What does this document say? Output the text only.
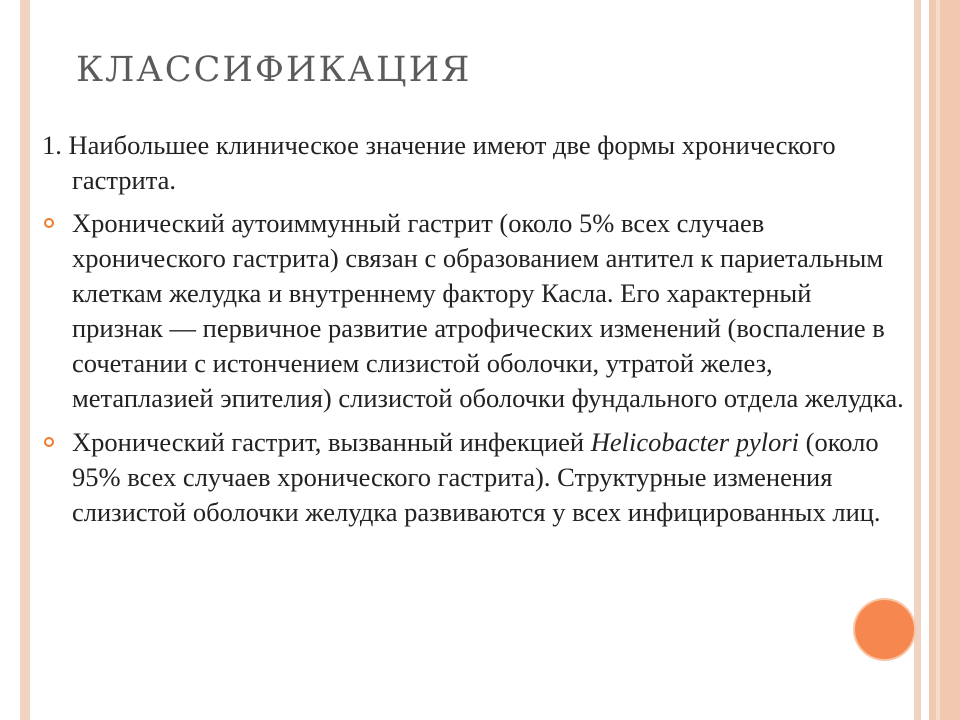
КЛАССИФИКАЦИЯ

1. Наибольшее клиническое значение имеют две формы хронического гастрита.

Хронический аутоиммунный гастрит (около 5% всех случаев хронического гастрита) связан с образованием антител к париетальным клеткам желудка и внутреннему фактору Касла. Его характерный признак — первичное развитие атрофических изменений (воспаление в сочетании с истончением слизистой оболочки, утратой желез, метаплазией эпителия) слизистой оболочки фундального отдела желудка.
Хронический гастрит, вызванный инфекцией Helicobacter pylori (около 95% всех случаев хронического гастрита). Структурные изменения слизистой оболочки желудка развиваются у всех инфицированных лиц.
